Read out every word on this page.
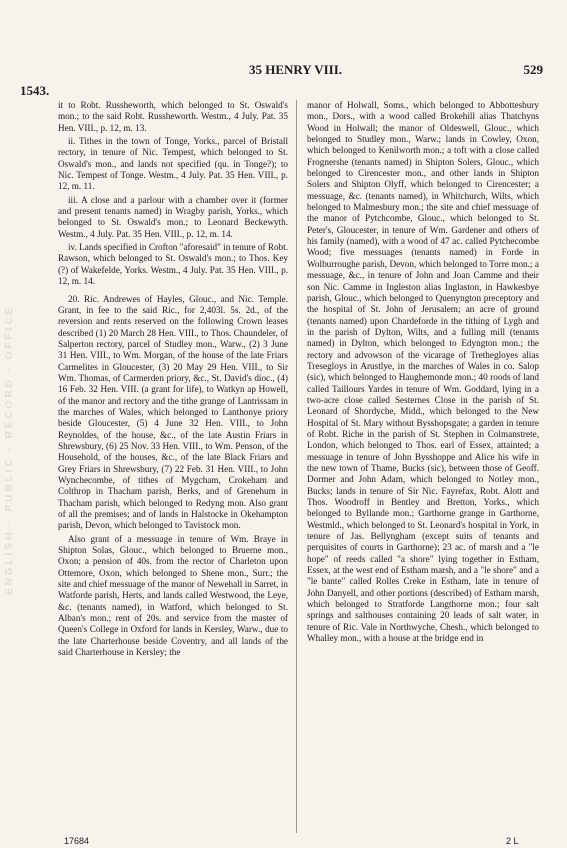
ENGLISH · PUBLIC · RECORD · OFFICE
35 HENRY VIII.	529
1543.

it to Robt. Russheworth, which belonged to St. Oswald's mon.; to the said Robt. Russheworth. Westm., 4 July. Pat. 35 Hen. VIII., p. 12, m. 13.

ii. Tithes in the town of Tonge, Yorks., parcel of Bristall rectory, in tenure of Nic. Tempest, which belonged to St. Oswald's mon., and lands not specified (qu. in Tonge?); to Nic. Tempest of Tonge. Westm., 4 July. Pat. 35 Hen. VIII., p. 12, m. 11.

iii. A close and a parlour with a chamber over it (former and present tenants named) in Wragby parish, Yorks., which belonged to St. Oswald's mon.; to Leonard Beckewyth. Westm., 4 July. Pat. 35 Hen. VIII., p. 12, m. 14.

iv. Lands specified in Crofton "aforesaid" in tenure of Robt. Rawson, which belonged to St. Oswald's mon.; to Thos. Key (?) of Wakefelde, Yorks. Westm., 4 July. Pat. 35 Hen. VIII., p. 12, m. 14.

20. Ric. Andrewes of Hayles, Glouc., and Nic. Temple. Grant, in fee to the said Ric., for 2,403l. 5s. 2d., of the reversion and rents reserved on the following Crown leases described (1) 20 March 28 Hen. VIII., to Thos. Chaundeler, of Salperton rectory, parcel of Studley mon., Warw., (2) 3 June 31 Hen. VIII., to Wm. Morgan, of the house of the late Friars Carmelites in Gloucester, (3) 20 May 29 Hen. VIII., to Sir Wm. Thomas, of Carmerden priory, &c., St. David's dioc., (4) 16 Feb. 32 Hen. VIII. (a grant for life), to Watkyn ap Howell, of the manor and rectory and the tithe grange of Lantrissam in the marches of Wales, which belonged to Lanthonye priory beside Gloucester, (5) 4 June 32 Hen. VIII., to John Reynoldes, of the house, &c., of the late Austin Friars in Shrewsbury, (6) 25 Nov. 33 Hen. VIII., to Wm. Penson, of the Household, of the houses, &c., of the late Black Friars and Grey Friars in Shrewsbury, (7) 22 Feb. 31 Hen. VIII., to John Wynchecombe, of tithes of Mygcham, Crokeham and Colthrop in Thacham parish, Berks, and of Grenehum in Thacham parish, which belonged to Redyng mon. Also grant of all the premises; and of lands in Halstocke in Okehampton parish, Devon, which belonged to Tavistock mon.

Also grant of a messuage in tenure of Wm. Braye in Shipton Solas, Glouc., which belonged to Bruerne mon., Oxon; a pension of 40s. from the rector of Charleton upon Ottemore, Oxon, which belonged to Shene mon., Surr.; the site and chief messuage of the manor of Newehall in Sarret, in Watforde parish, Herts, and lands called Westwood, the Leye, &c. (tenants named), in Watford, which belonged to St. Alban's mon.; rent of 20s. and service from the master of Queen's College in Oxford for lands in Kersley, Warw., due to the late Charterhouse beside Coventry, and all lands of the said Charterhouse in Kersley; the

manor of Holwall, Soms., which belonged to Abbottesbury mon., Dors., with a wood called Brokehill alias Thatchyns Wood in Holwall; the manor of Oldeswell, Glouc., which belonged to Studley mon., Warw.; lands in Cowley, Oxon, which belonged to Kenilworth mon.; a toft with a close called Frognershe (tenants named) in Shipton Solers, Glouc., which belonged to Cirencester mon., and other lands in Shipton Solers and Shipton Olyff, which belonged to Cirencester; a messuage, &c. (tenants named), in Whitchurch, Wilts, which belonged to Malmesbury mon.; the site and chief messuage of the manor of Pytchcombe, Glouc., which belonged to St. Peter's, Gloucester, in tenure of Wm. Gardener and others of his family (named), with a wood of 47 ac. called Pytchecombe Wood; five messuages (tenants named) in Forde in Wolburroughe parish, Devon, which belonged to Torre mon.; a messuage, &c., in tenure of John and Joan Camme and their son Nic. Camme in Ingleston alias Inglaston, in Hawkesbye parish, Glouc., which belonged to Quenyngton preceptory and the hospital of St. John of Jerusalem; an acre of ground (tenants named) upon Chardeforde in the tithing of Lygh and in the parish of Dylton, Wilts, and a fulling mill (tenants named) in Dylton, which belonged to Edyngton mon.; the rectory and advowson of the vicarage of Trethegloyes alias Tresegloys in Arustlye, in the marches of Wales in co. Salop (sic), which belonged to Haughemonde mon.; 40 roods of land called Taillours Yardes in tenure of Wm. Goddard, lying in a two-acre close called Sesternes Close in the parish of St. Leonard of Shordyche, Midd., which belonged to the New Hospital of St. Mary without Bysshopsgate; a garden in tenure of Robt. Riche in the parish of St. Stephen in Colmanstrete, London, which belonged to Thos. earl of Essex, attainted; a messuage in tenure of John Bysshoppe and Alice his wife in the new town of Thame, Bucks (sic), between those of Geoff. Dormer and John Adam, which belonged to Notley mon., Bucks; lands in tenure of Sir Nic. Fayrefax, Robt. Alott and Thos. Woodroff in Bentley and Bretton, Yorks., which belonged to Byllande mon.; Garthorne grange in Garthorne, Westmld., which belonged to St. Leonard's hospital in York, in tenure of Jas. Bellyngham (except suits of tenants and perquisites of courts in Garthorne); 23 ac. of marsh and a "le hope" of reeds called "a shore" lying together in Estham, Essex, at the west end of Estham marsh, and a "le shore" and a "le bante" called Rolles Creke in Estham, late in tenure of John Danyell, and other portions (described) of Estham marsh, which belonged to Stratforde Langthorne mon.; four salt springs and salthouses containing 20 leads of salt water, in tenure of Ric. Vale in Northwyche, Chesh., which belonged to Whalley mon., with a house at the bridge end in

17684	2 L
